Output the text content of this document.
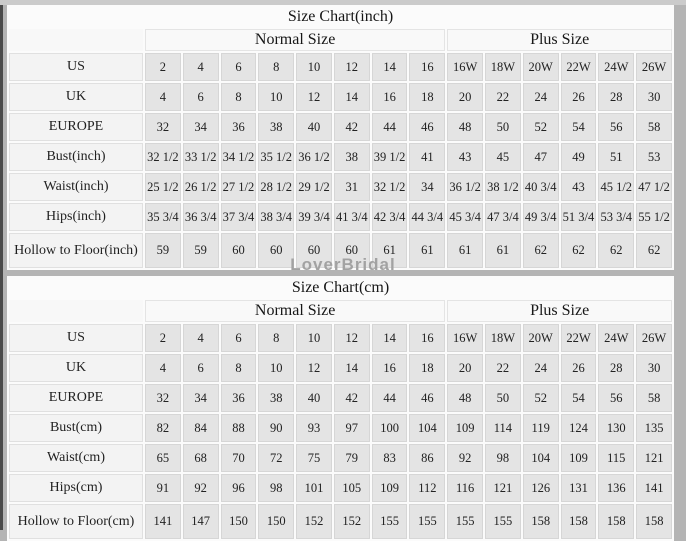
Size Chart(inch)														
	Normal Size								Plus Size					
US	2	4	6	8	10	12	14	16	16W	18W	20W	22W	24W	26W
UK	4	6	8	10	12	14	16	18	20	22	24	26	28	30
EUROPE	32	34	36	38	40	42	44	46	48	50	52	54	56	58
Bust(inch)	32 1/2	33 1/2	34 1/2	35 1/2	36 1/2	38	39 1/2	41	43	45	47	49	51	53
Waist(inch)	25 1/2	26 1/2	27 1/2	28 1/2	29 1/2	31	32 1/2	34	36 1/2	38 1/2	40 3/4	43	45 1/2	47 1/2
Hips(inch)	35 3/4	36 3/4	37 3/4	38 3/4	39 3/4	41 3/4	42 3/4	44 3/4	45 3/4	47 3/4	49 3/4	51 3/4	53 3/4	55 1/2
Hollow to Floor(inch)	59	59	60	60	60	60	61	61	61	61	62	62	62	62
LoverBridal
Size Chart(cm)														
	Normal Size								Plus Size					
US	2	4	6	8	10	12	14	16	16W	18W	20W	22W	24W	26W
UK	4	6	8	10	12	14	16	18	20	22	24	26	28	30
EUROPE	32	34	36	38	40	42	44	46	48	50	52	54	56	58
Bust(cm)	82	84	88	90	93	97	100	104	109	114	119	124	130	135
Waist(cm)	65	68	70	72	75	79	83	86	92	98	104	109	115	121
Hips(cm)	91	92	96	98	101	105	109	112	116	121	126	131	136	141
Hollow to Floor(cm)	141	147	150	150	152	152	155	155	155	155	158	158	158	158
